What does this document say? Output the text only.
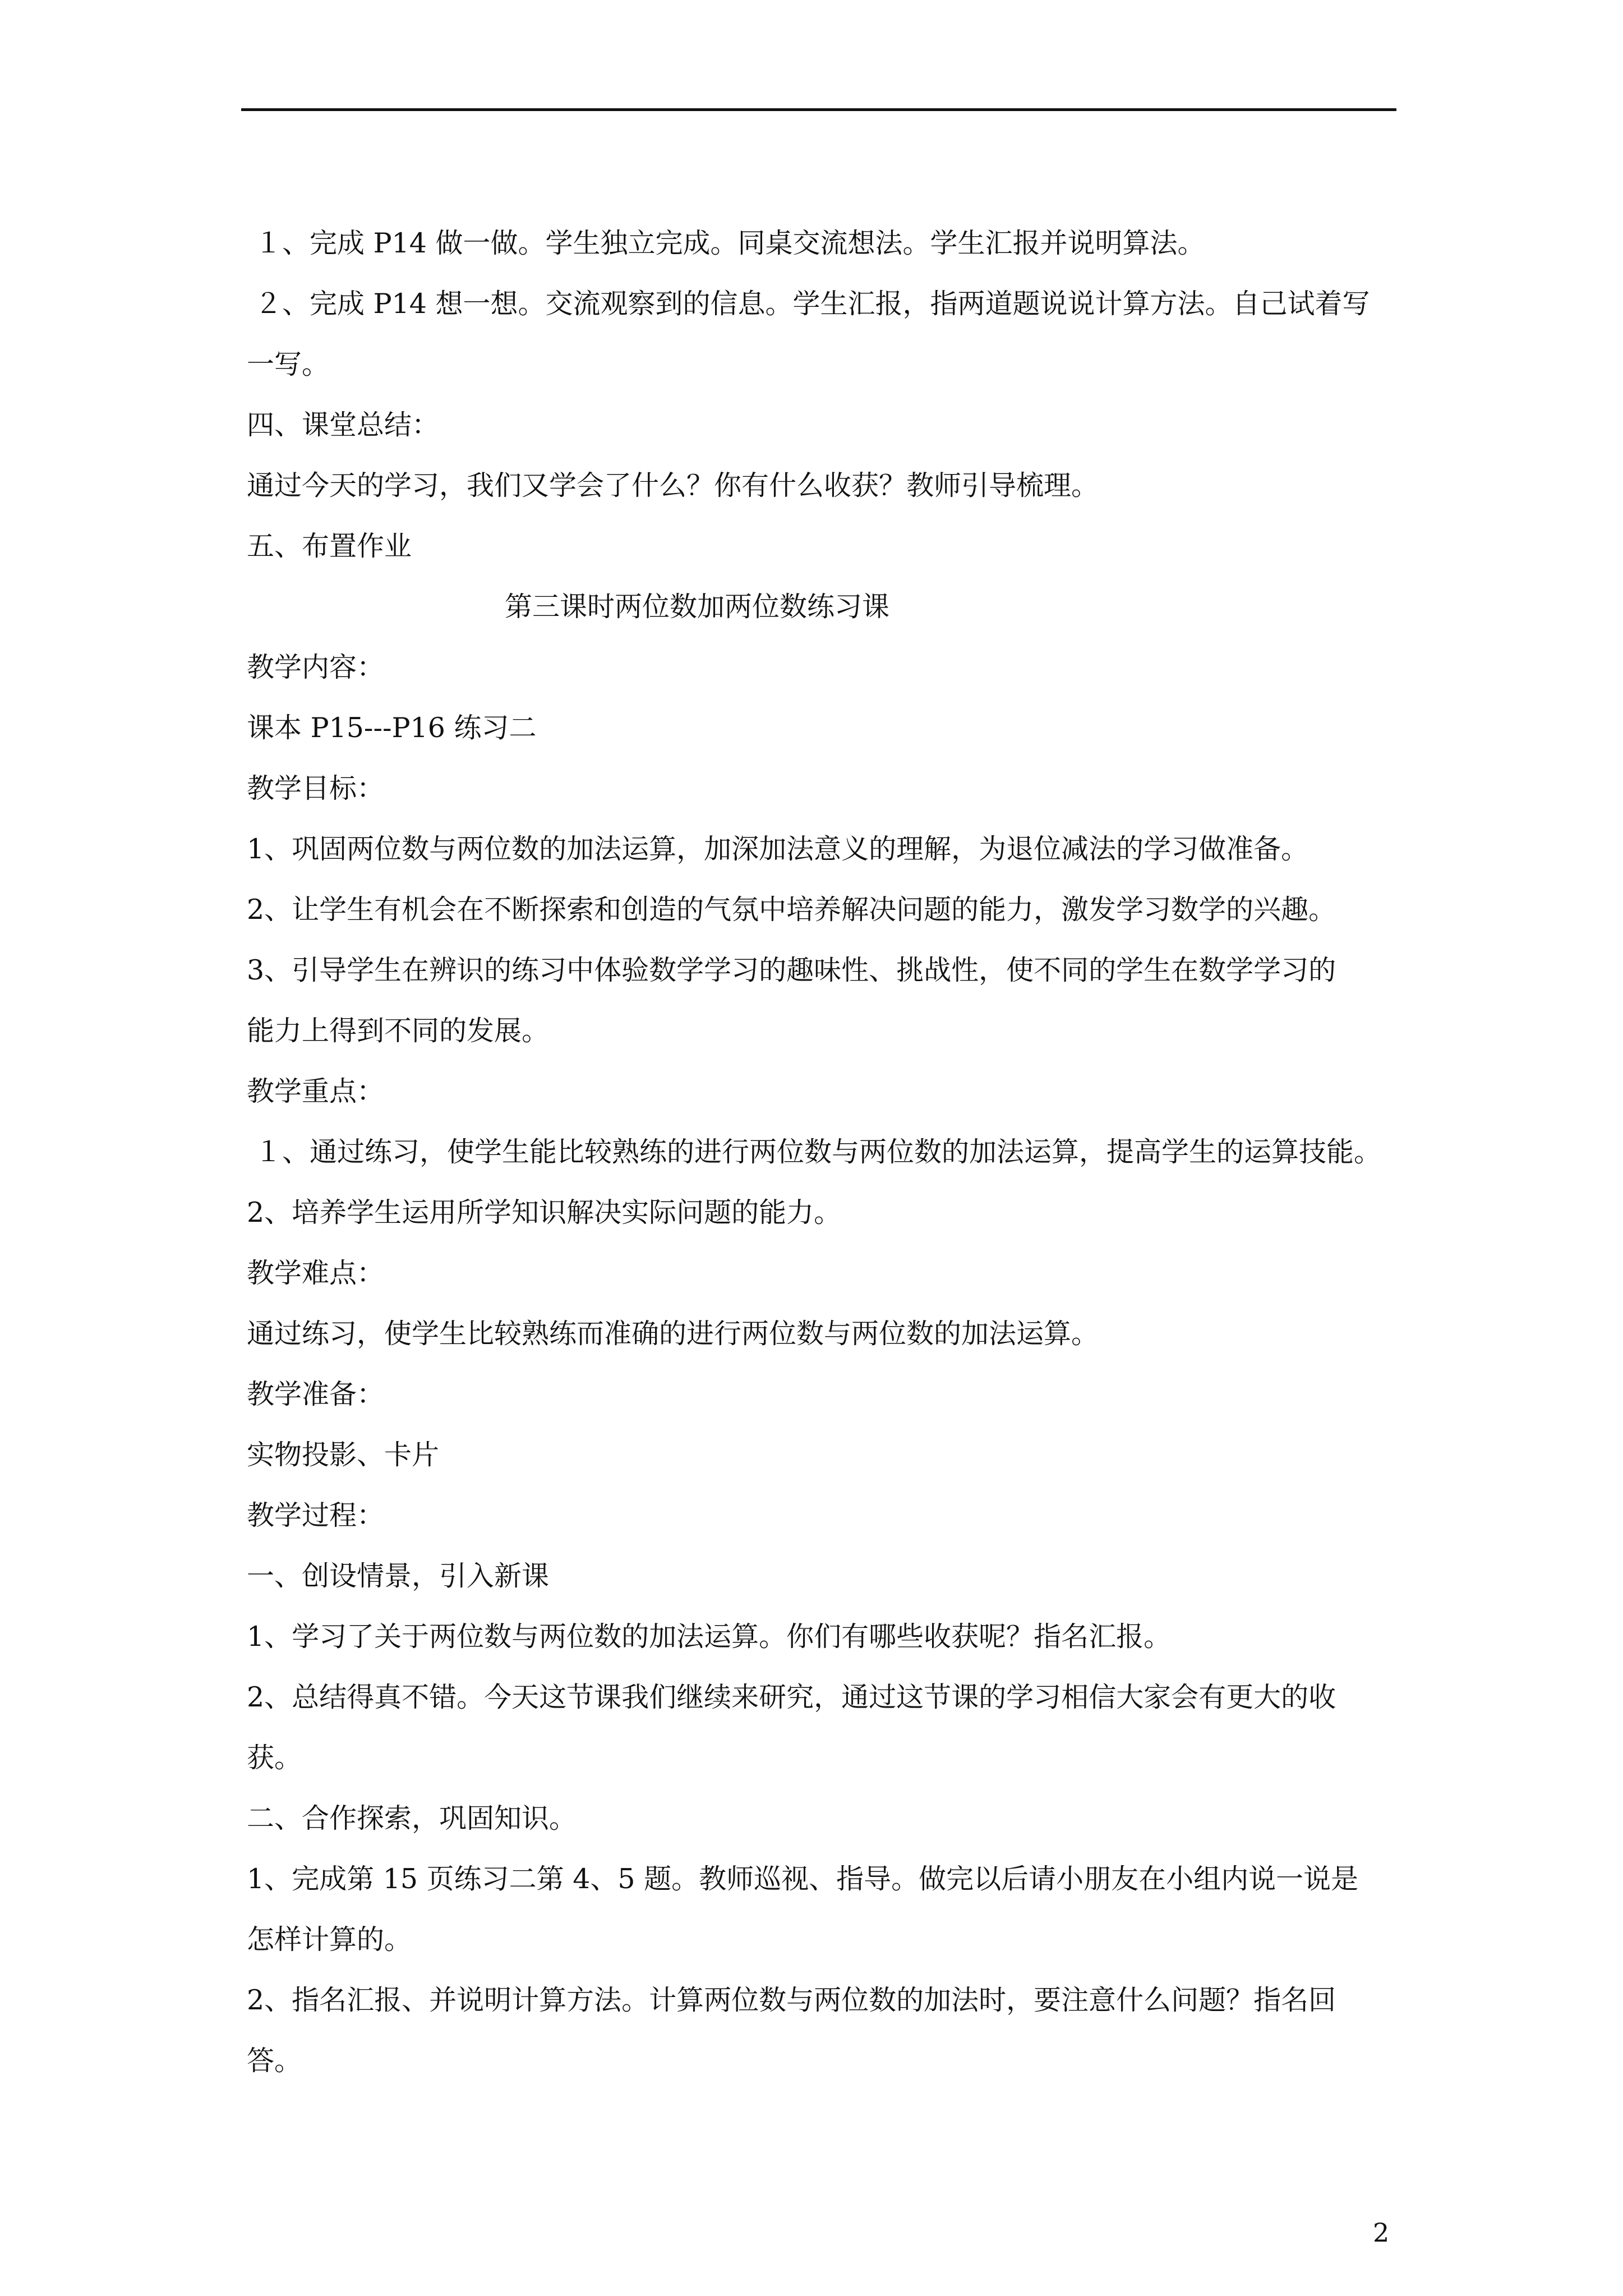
１、完成 P14 做一做。学生独立完成。同桌交流想法。学生汇报并说明算法。

２、完成 P14 想一想。交流观察到的信息。学生汇报，指两道题说说计算方法。自己试着写

一写。

四、课堂总结：

通过今天的学习，我们又学会了什么？你有什么收获？教师引导梳理。

五、布置作业

第三课时两位数加两位数练习课

教学内容：

课本 P15---P16 练习二

教学目标：

1、巩固两位数与两位数的加法运算，加深加法意义的理解，为退位减法的学习做准备。

2、让学生有机会在不断探索和创造的气氛中培养解决问题的能力，激发学习数学的兴趣。

3、引导学生在辨识的练习中体验数学学习的趣味性、挑战性，使不同的学生在数学学习的

能力上得到不同的发展。

教学重点：

１、通过练习，使学生能比较熟练的进行两位数与两位数的加法运算，提高学生的运算技能。

2、培养学生运用所学知识解决实际问题的能力。

教学难点：

通过练习，使学生比较熟练而准确的进行两位数与两位数的加法运算。

教学准备：

实物投影、卡片

教学过程：

一、创设情景，引入新课

1、学习了关于两位数与两位数的加法运算。你们有哪些收获呢？指名汇报。

2、总结得真不错。今天这节课我们继续来研究，通过这节课的学习相信大家会有更大的收

获。

二、合作探索，巩固知识。

1、完成第 15 页练习二第 4、5 题。教师巡视、指导。做完以后请小朋友在小组内说一说是

怎样计算的。

2、指名汇报、并说明计算方法。计算两位数与两位数的加法时，要注意什么问题？指名回

答。

2
